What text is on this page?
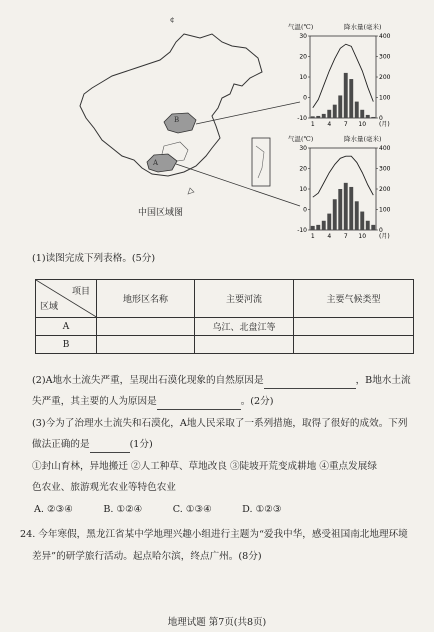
¢
B
A
中国区域图
气温(℃)	降水量(毫米)
30
20
10
0
-10
400
300
200
100
0
1 4 7 10 (月)
气温(℃)	降水量(毫米)
30
20
10
0
-10
400
300
200
100
0
1 4 7 10 (月)
(1)读图完成下列表格。(5分)
项目
区域	地形区名称	主要河流	主要气候类型
A		乌江、北盘江等	
B			
(2)A地水土流失严重，呈现出石漠化现象的自然原因是	，B地水土流
失严重，其主要的人为原因是	。(2分)
(3)今为了治理水土流失和石漠化，A地人民采取了一系列措施，取得了很好的成效。下列
做法正确的是	(1分)
①封山育林，异地搬迁 ②人工种草、草地改良 ③陡坡开荒变成耕地 ④重点发展绿
色农业、旅游观光农业等特色农业
A. ②③④          B. ①②④          C. ①③④          D. ①②③
24. 今年寒假，黑龙江省某中学地理兴趣小组进行主题为“爱我中华，感受祖国南北地理环境
差异”的研学旅行活动。起点哈尔滨，终点广州。(8分)
地理试题 第7页(共8页)
